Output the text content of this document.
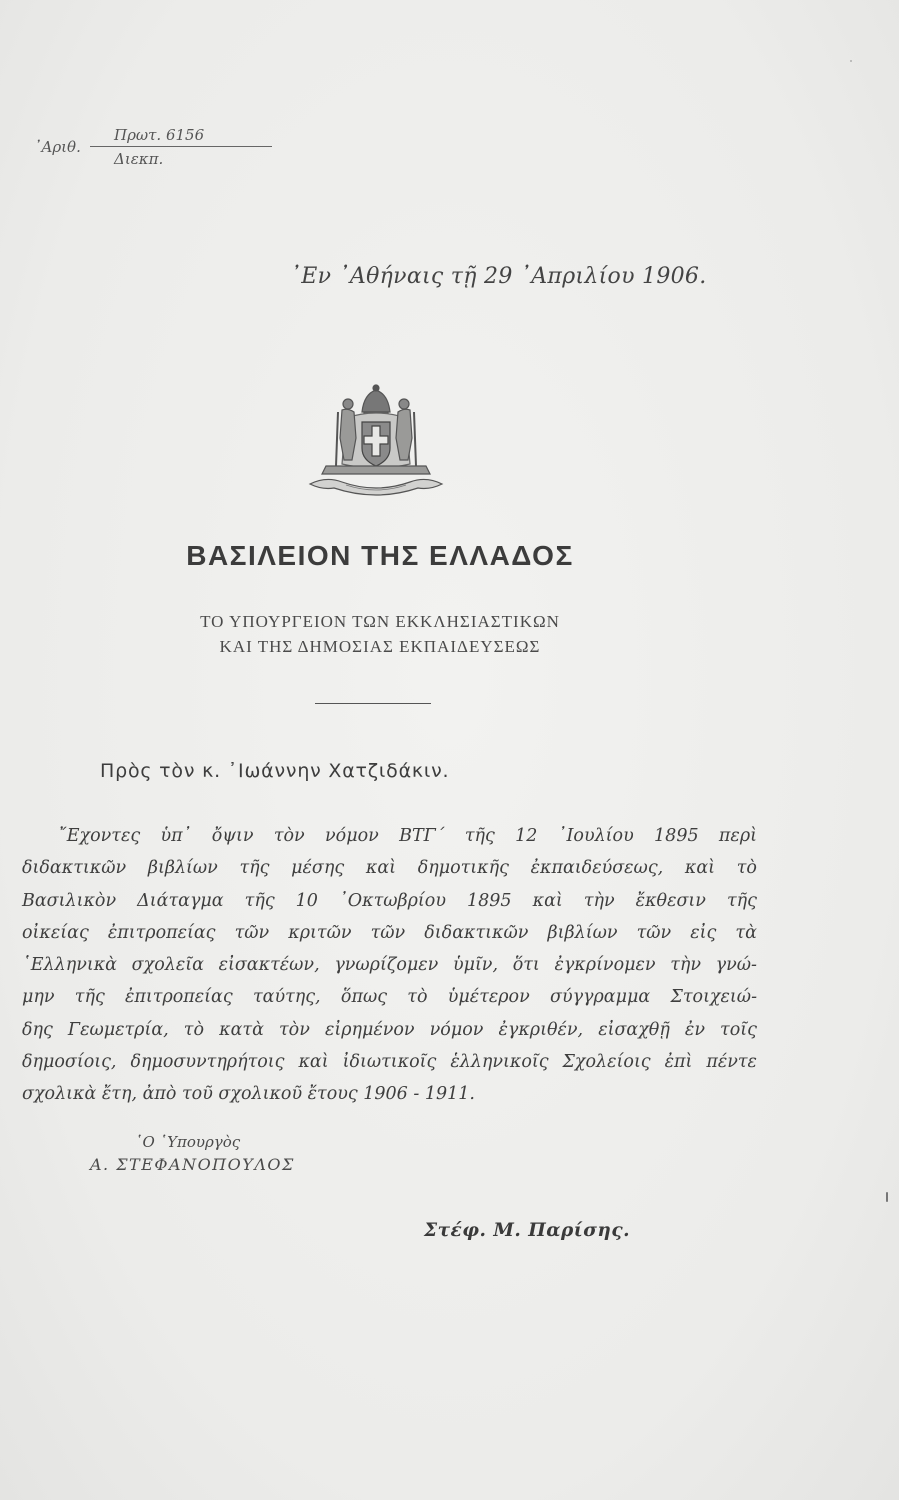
᾿Αριθ.
Πρωτ. 6156
Διεκπ.
᾿Εν ᾿Αθήναις τῇ 29 ᾿Απριλίου 1906.
ΒΑΣΙΛΕΙΟΝ ΤΗΣ ΕΛΛΑΔΟΣ
ΤΟ ΥΠΟΥΡΓΕΙΟΝ ΤΩΝ ΕΚΚΛΗΣΙΑΣΤΙΚΩΝ
ΚΑΙ ΤΗΣ ΔΗΜΟΣΙΑΣ ΕΚΠΑΙΔΕΥΣΕΩΣ
Πρὸς τὸν κ. ᾿Ιωάννην Χατζιδάκιν.
῎Εχοντες ὑπ᾿ ὄψιν τὸν νόμον ΒΤΓ´ τῆς 12 ᾿Ιουλίου 1895 περὶ
διδακτικῶν βιβλίων τῆς μέσης καὶ δημοτικῆς ἐκπαιδεύσεως, καὶ τὸ
Βασιλικὸν Διάταγμα τῆς 10 ᾿Οκτωβρίου 1895 καὶ τὴν ἔκθεσιν τῆς
οἰκείας ἐπιτροπείας τῶν κριτῶν τῶν διδακτικῶν βιβλίων τῶν εἰς τὰ
῾Ελληνικὰ σχολεῖα εἰσακτέων, γνωρίζομεν ὑμῖν, ὅτι ἐγκρίνομεν τὴν γνώ-
μην τῆς ἐπιτροπείας ταύτης, ὅπως τὸ ὑμέτερον σύγγραμμα Στοιχειώ-
δης Γεωμετρία, τὸ κατὰ τὸν εἰρημένον νόμον ἐγκριθέν, εἰσαχθῇ ἐν τοῖς
δημοσίοις, δημοσυντηρήτοις καὶ ἰδιωτικοῖς ἑλληνικοῖς Σχολείοις ἐπὶ πέντε
σχολικὰ ἔτη, ἀπὸ τοῦ σχολικοῦ ἔτους 1906 - 1911.
῾Ο ῾Υπουργὸς
Α. ΣΤΕΦΑΝΟΠΟΥΛΟΣ
Στέφ. Μ. Παρίσης.
